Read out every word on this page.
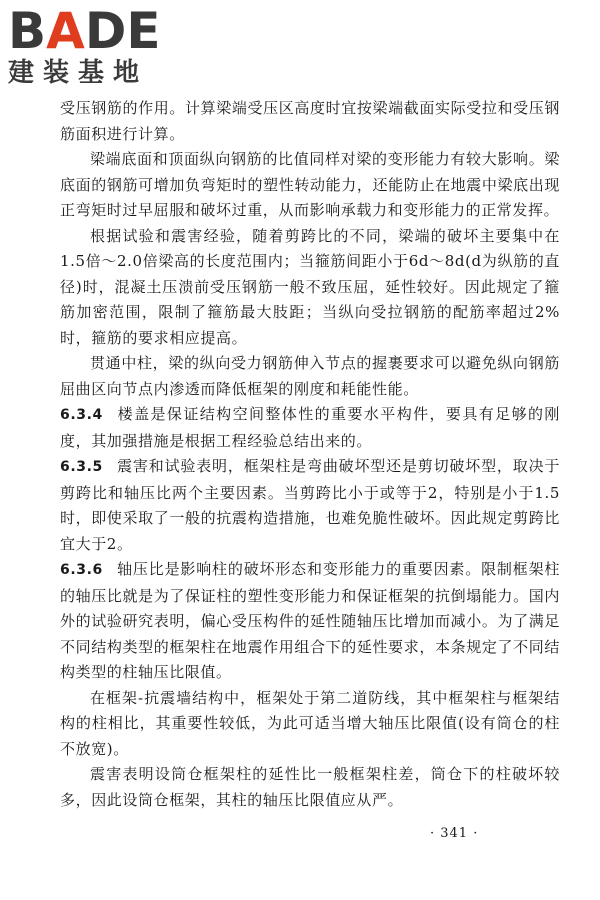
BADE
建装基地

受压钢筋的作用。计算梁端受压区高度时宜按梁端截面实际受拉和受压钢筋面积进行计算。

梁端底面和顶面纵向钢筋的比值同样对梁的变形能力有较大影响。梁底面的钢筋可增加负弯矩时的塑性转动能力，还能防止在地震中梁底出现正弯矩时过早屈服和破坏过重，从而影响承载力和变形能力的正常发挥。

根据试验和震害经验，随着剪跨比的不同，梁端的破坏主要集中在1.5倍～2.0倍梁高的长度范围内；当箍筋间距小于6d～8d(d为纵筋的直径)时，混凝土压溃前受压钢筋一般不致压屈，延性较好。因此规定了箍筋加密范围，限制了箍筋最大肢距；当纵向受拉钢筋的配筋率超过2%时，箍筋的要求相应提高。

贯通中柱，梁的纵向受力钢筋伸入节点的握裹要求可以避免纵向钢筋屈曲区向节点内渗透而降低框架的刚度和耗能性能。

6.3.4 楼盖是保证结构空间整体性的重要水平构件，要具有足够的刚度，其加强措施是根据工程经验总结出来的。

6.3.5 震害和试验表明，框架柱是弯曲破坏型还是剪切破坏型，取决于剪跨比和轴压比两个主要因素。当剪跨比小于或等于2，特别是小于1.5时，即使采取了一般的抗震构造措施，也难免脆性破坏。因此规定剪跨比宜大于2。

6.3.6 轴压比是影响柱的破坏形态和变形能力的重要因素。限制框架柱的轴压比就是为了保证柱的塑性变形能力和保证框架的抗倒塌能力。国内外的试验研究表明，偏心受压构件的延性随轴压比增加而减小。为了满足不同结构类型的框架柱在地震作用组合下的延性要求，本条规定了不同结构类型的柱轴压比限值。

在框架-抗震墙结构中，框架处于第二道防线，其中框架柱与框架结构的柱相比，其重要性较低，为此可适当增大轴压比限值(设有筒仓的柱不放宽)。

震害表明设筒仓框架柱的延性比一般框架柱差，筒仓下的柱破坏较多，因此设筒仓框架，其柱的轴压比限值应从严。

· 341 ·
